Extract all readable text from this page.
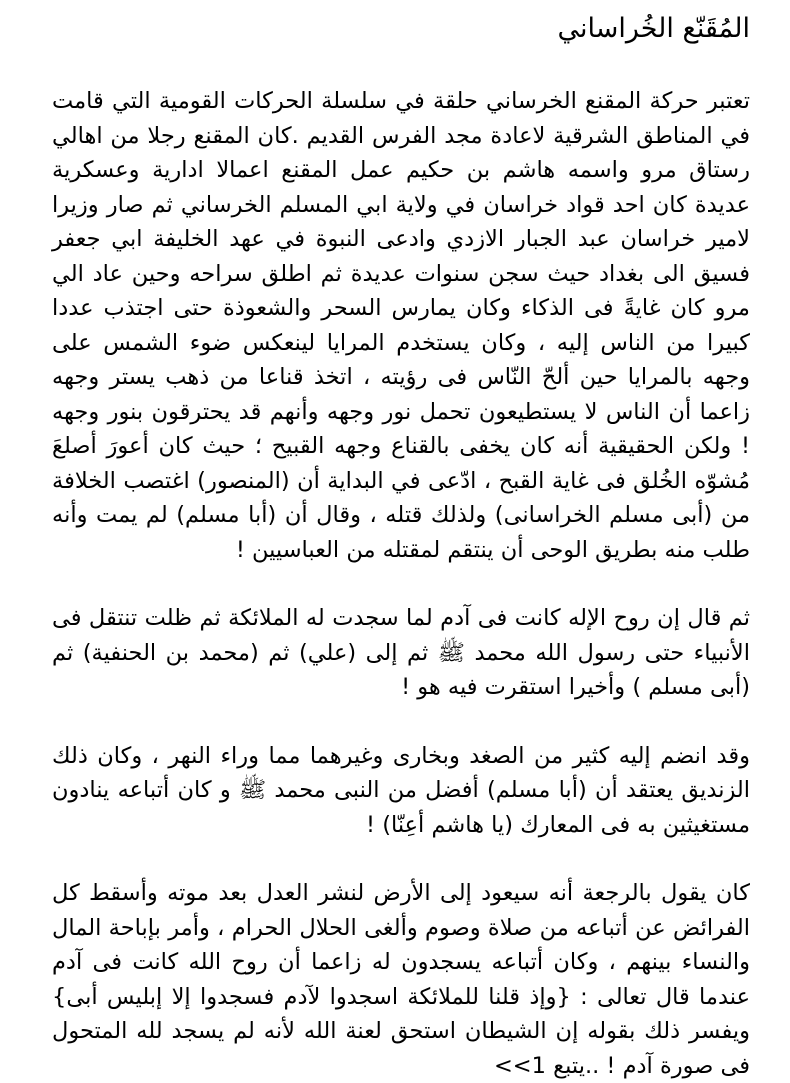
المُقَنّع الخُراساني

تعتبر حركة المقنع الخرساني حلقة في سلسلة الحركات القومية التي قامت في المناطق الشرقية لاعادة مجد الفرس القديم .كان المقنع رجلا من اهالي رستاق مرو واسمه هاشم بن حكيم عمل المقنع اعمالا ادارية وعسكرية عديدة كان احد قواد خراسان في ولاية ابي المسلم الخرساني ثم صار وزيرا لامير خراسان عبد الجبار الازدي وادعى النبوة في عهد الخليفة ابي جعفر فسيق الى بغداد حيث سجن سنوات عديدة ثم اطلق سراحه وحين عاد الي مرو كان غايةً فى الذكاء وكان يمارس السحر والشعوذة حتى اجتذب عددا كبيرا من الناس إليه ، وكان يستخدم المرايا لينعكس ضوء الشمس على وجهه بالمرايا حين ألحّ النّاس فى رؤيته ، اتخذ قناعا من ذهب يستر وجهه زاعما أن الناس لا يستطيعون تحمل نور وجهه وأنهم قد يحترقون بنور وجهه ! ولكن الحقيقية أنه كان يخفى بالقناع وجهه القبيح ؛ حيث كان أعورَ أصلعَ مُشوّه الخُلق فى غاية القبح ، ادّعى في البداية أن (المنصور) اغتصب الخلافة من (أبى مسلم الخراسانى) ولذلك قتله ، وقال أن (أبا مسلم) لم يمت وأنه طلب منه بطريق الوحى أن ينتقم لمقتله من العباسيين !

ثم قال إن روح الإله كانت فى آدم لما سجدت له الملائكة ثم ظلت تنتقل فى الأنبياء حتى رسول الله محمد ﷺ ثم إلى (علي) ثم (محمد بن الحنفية) ثم (أبى مسلم ) وأخيرا استقرت فيه هو !

وقد انضم إليه كثير من الصغد وبخارى وغيرهما مما وراء النهر ، وكان ذلك الزنديق يعتقد أن (أبا مسلم) أفضل من النبى محمد ﷺ و كان أتباعه ينادون مستغيثين به فى المعارك (يا هاشم أعِنّا) !

كان يقول بالرجعة أنه سيعود إلى الأرض لنشر العدل بعد موته وأسقط كل الفرائض عن أتباعه من صلاة وصوم وألغى الحلال الحرام ، وأمر بإباحة المال والنساء بينهم ، وكان أتباعه يسجدون له زاعما أن روح الله كانت فى آدم عندما قال تعالى : {وإذ قلنا للملائكة اسجدوا لآدم فسجدوا إلا إبليس أبى} ويفسر ذلك بقوله إن الشيطان استحق لعنة الله لأنه لم يسجد لله المتحول فى صورة آدم ! ..يتبع 1>>
